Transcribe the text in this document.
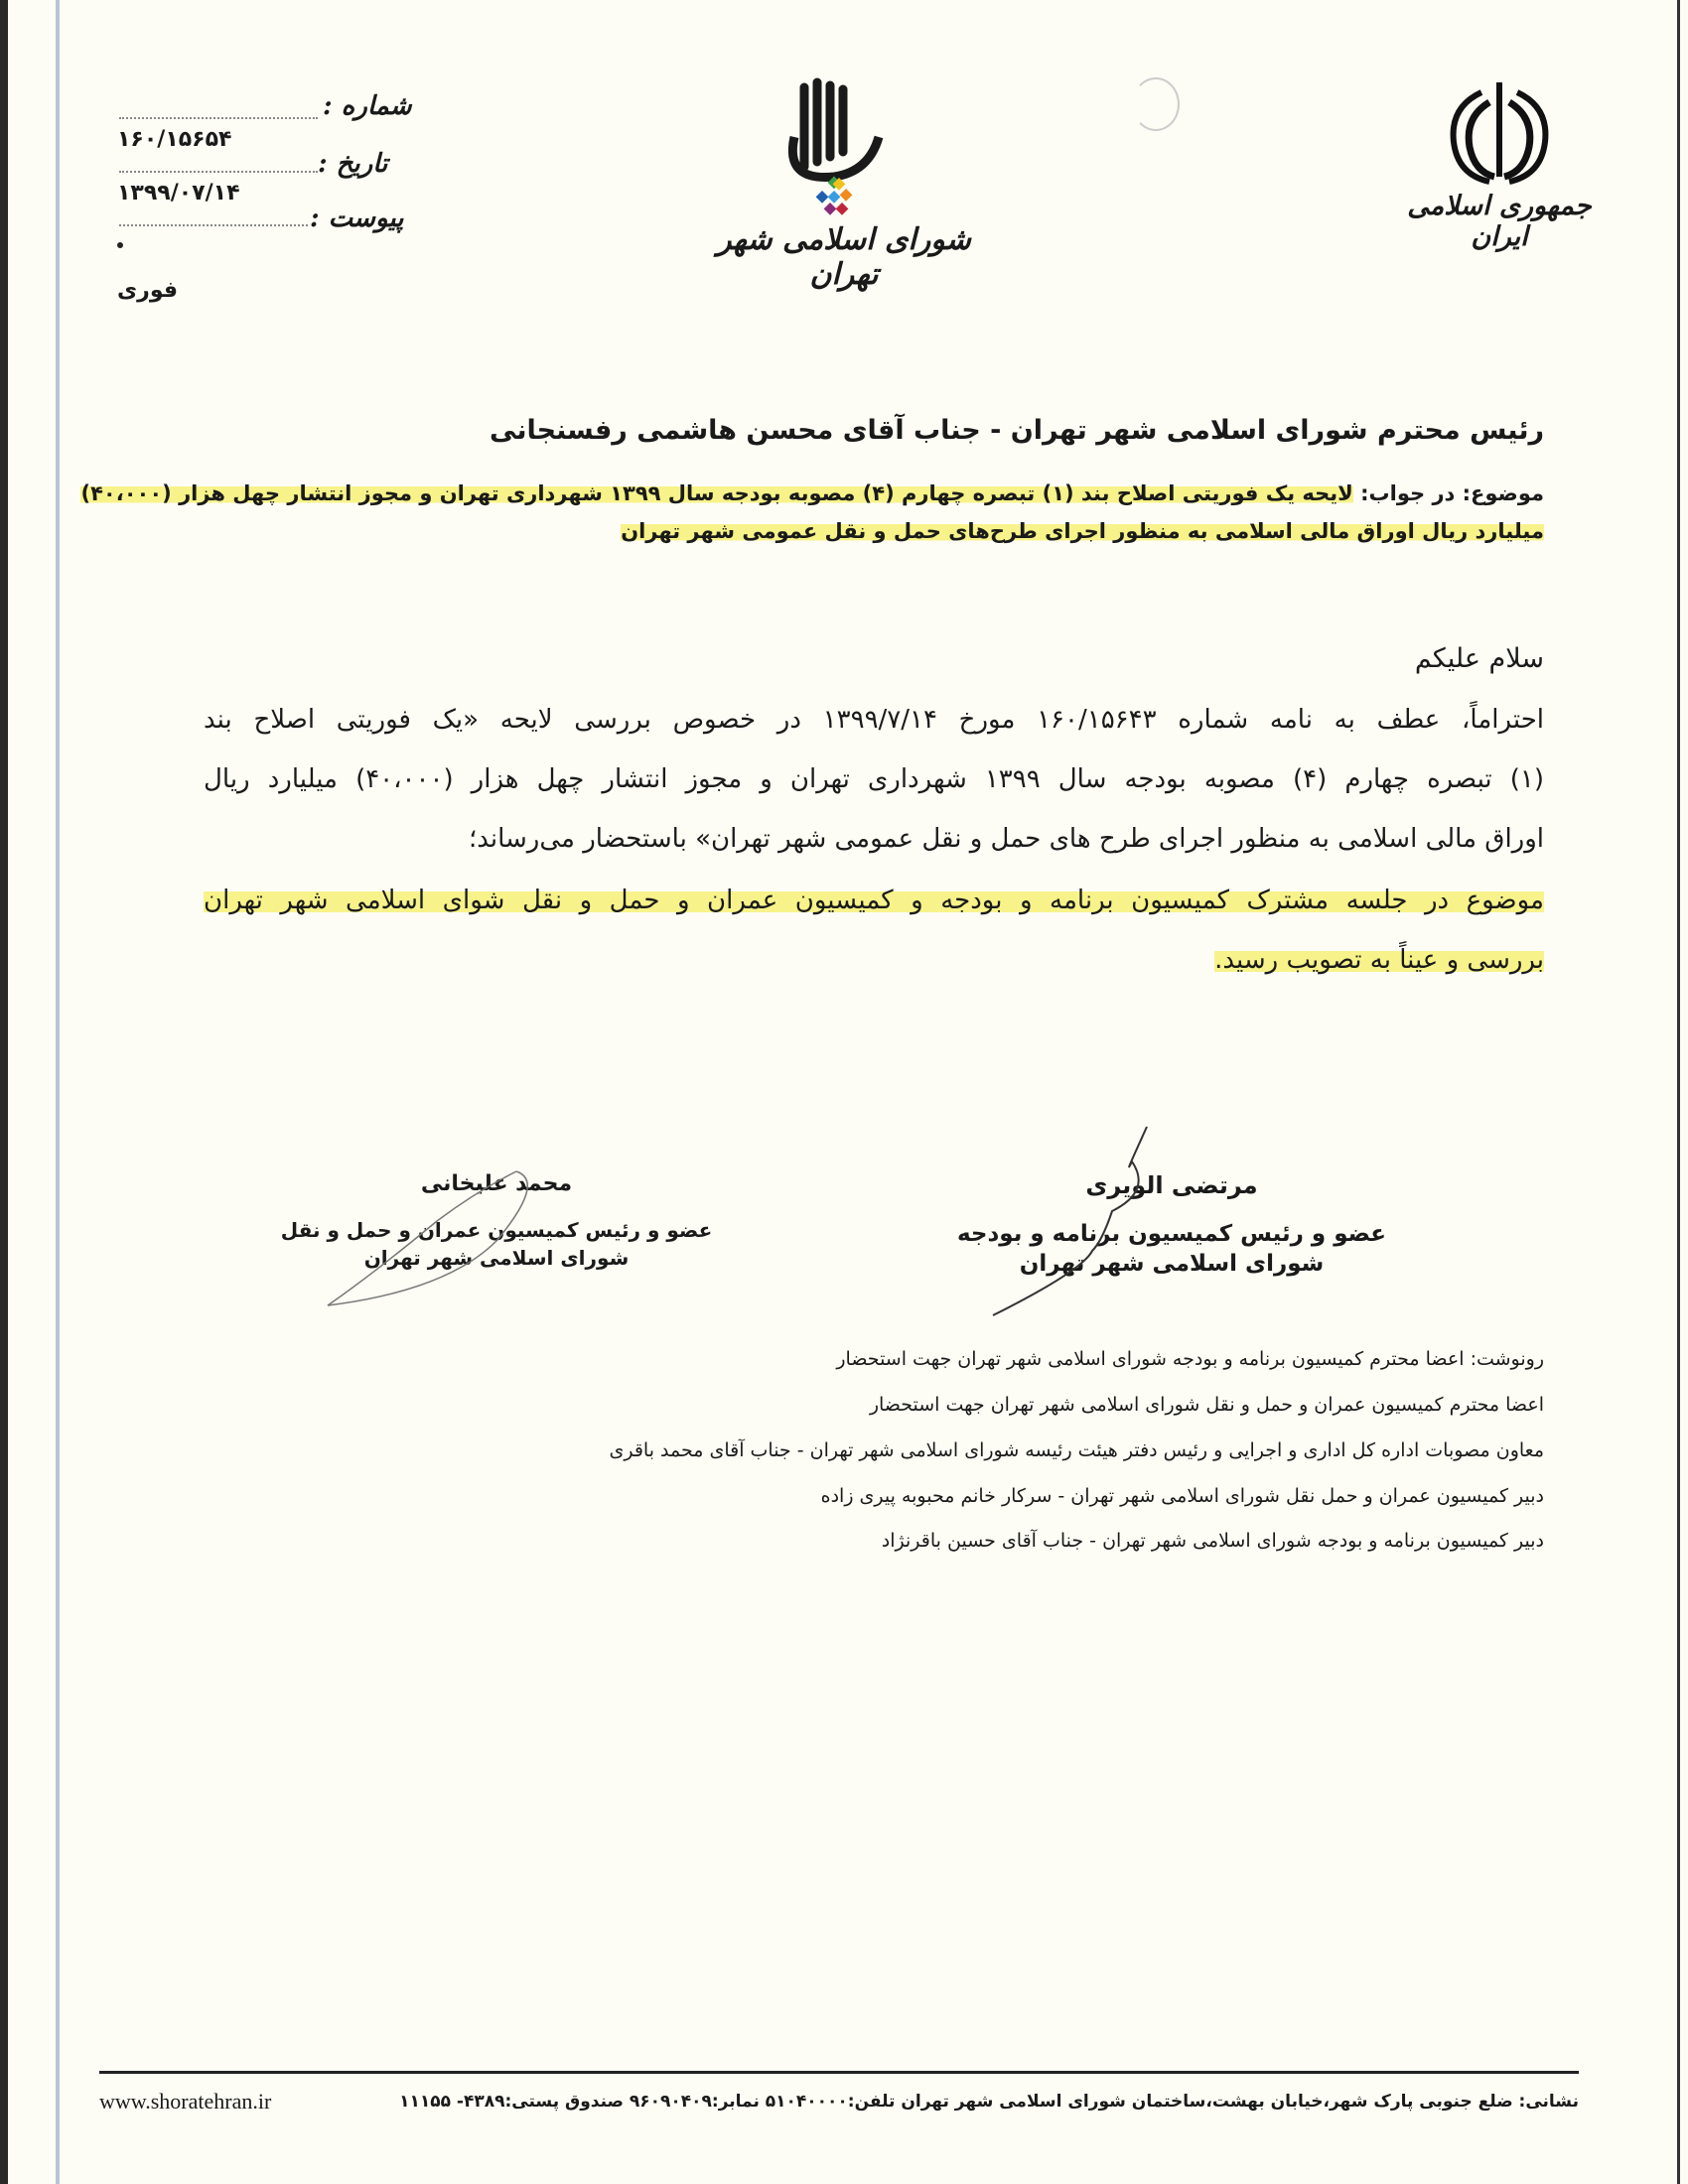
شماره :
۱۶۰/۱۵۶۵۴
تاریخ :
۱۳۹۹/۰۷/۱۴
پیوست :
فوری
شورای اسلامی شهر تهران
جمهوری اسلامی ایران
رئیس محترم شورای اسلامی شهر تهران - جناب آقای محسن هاشمی رفسنجانی
موضوع: در جواب: لایحه یک فوریتی اصلاح بند (۱) تبصره چهارم (۴) مصوبه بودجه سال ۱۳۹۹ شهرداری تهران و مجوز انتشار چهل هزار (۴۰،۰۰۰)
میلیارد ریال اوراق مالی اسلامی به منظور اجرای طرح‌های حمل و نقل عمومی شهر تهران
سلام علیکم
احتراماً، عطف به نامه شماره ۱۶۰/۱۵۶۴۳ مورخ ۱۳۹۹/۷/۱۴ در خصوص بررسی لایحه «یک فوریتی اصلاح بند
(۱) تبصره چهارم (۴) مصوبه بودجه سال ۱۳۹۹ شهرداری تهران و مجوز انتشار چهل هزار (۴۰،۰۰۰) میلیارد ریال
اوراق مالی اسلامی به منظور اجرای طرح های حمل و نقل عمومی شهر تهران» باستحضار می‌رساند؛
موضوع در جلسه مشترک کمیسیون برنامه و بودجه و کمیسیون عمران و حمل و نقل شوای اسلامی شهر تهران
بررسی و عیناً به تصویب رسید.
مرتضی الویری
عضو و رئیس کمیسیون برنامه و بودجه
شورای اسلامی شهر تهران
محمد علیخانی
عضو و رئیس کمیسیون عمران و حمل و نقل
شورای اسلامی شهر تهران
رونوشت: اعضا محترم کمیسیون برنامه و بودجه شورای اسلامی شهر تهران جهت استحضار
اعضا محترم کمیسیون عمران و حمل و نقل شورای اسلامی شهر تهران جهت استحضار
معاون مصوبات اداره کل اداری و اجرایی و رئیس دفتر هیئت رئیسه شورای اسلامی شهر تهران - جناب آقای محمد باقری
دبیر کمیسیون عمران و حمل نقل شورای اسلامی شهر تهران - سرکار خانم محبوبه پیری زاده
دبیر کمیسیون برنامه و بودجه شورای اسلامی شهر تهران - جناب آقای حسین باقرنژاد
www.shoratehran.ir	نشانی: ضلع جنوبی پارک شهر،خیابان بهشت،ساختمان شورای اسلامی شهر تهران تلفن:۵۱۰۴۰۰۰۰ نمابر:۹۶۰۹۰۴۰۹ صندوق پستی:۴۳۸۹- ۱۱۱۵۵
